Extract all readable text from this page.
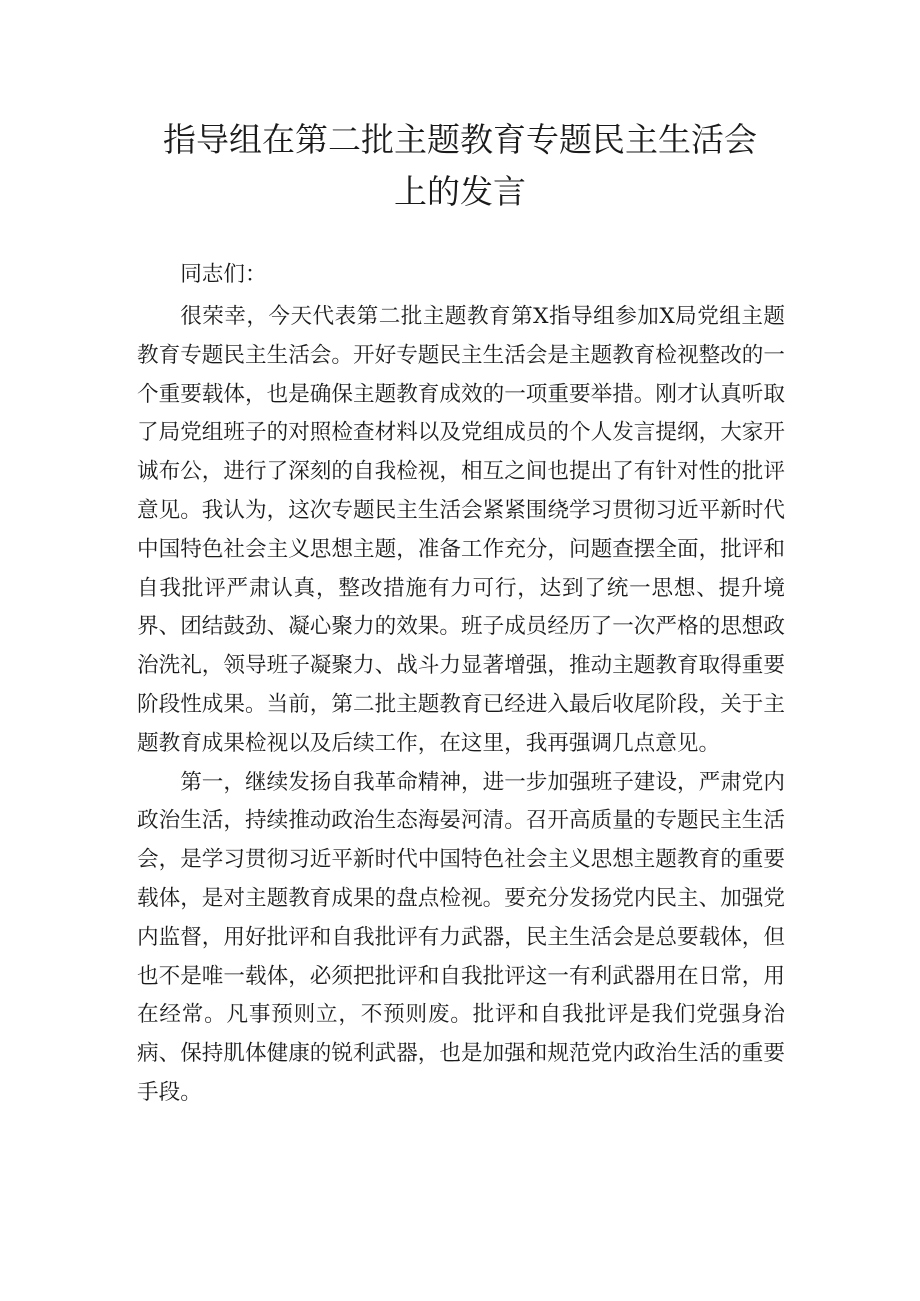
指导组在第二批主题教育专题民主生活会
上的发言

同志们：

很荣幸，今天代表第二批主题教育第X指导组参加X局党组主题教育专题民主生活会。开好专题民主生活会是主题教育检视整改的一个重要载体，也是确保主题教育成效的一项重要举措。刚才认真听取了局党组班子的对照检查材料以及党组成员的个人发言提纲，大家开诚布公，进行了深刻的自我检视，相互之间也提出了有针对性的批评意见。我认为，这次专题民主生活会紧紧围绕学习贯彻习近平新时代中国特色社会主义思想主题，准备工作充分，问题查摆全面，批评和自我批评严肃认真，整改措施有力可行，达到了统一思想、提升境界、团结鼓劲、凝心聚力的效果。班子成员经历了一次严格的思想政治洗礼，领导班子凝聚力、战斗力显著增强，推动主题教育取得重要阶段性成果。当前，第二批主题教育已经进入最后收尾阶段，关于主题教育成果检视以及后续工作，在这里，我再强调几点意见。

第一，继续发扬自我革命精神，进一步加强班子建设，严肃党内政治生活，持续推动政治生态海晏河清。召开高质量的专题民主生活会，是学习贯彻习近平新时代中国特色社会主义思想主题教育的重要载体，是对主题教育成果的盘点检视。要充分发扬党内民主、加强党内监督，用好批评和自我批评有力武器，民主生活会是总要载体，但也不是唯一载体，必须把批评和自我批评这一有利武器用在日常，用在经常。凡事预则立，不预则废。批评和自我批评是我们党强身治病、保持肌体健康的锐利武器，也是加强和规范党内政治生活的重要手段。
